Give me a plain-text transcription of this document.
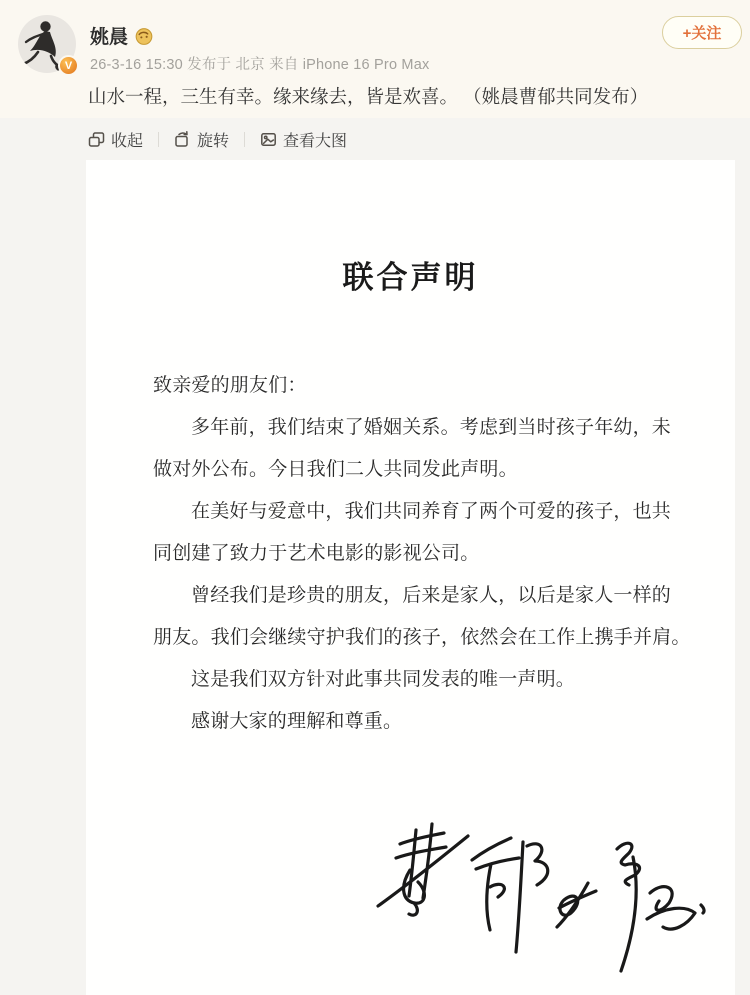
V
姚晨
26-3-16 15:30 发布于 北京 来自 iPhone 16 Pro Max
+关注
山水一程，三生有幸。缘来缘去，皆是欢喜。 （姚晨曹郁共同发布）
收起	旋转	查看大图
联合声明
致亲爱的朋友们：
多年前，我们结束了婚姻关系。考虑到当时孩子年幼，未
做对外公布。今日我们二人共同发此声明。
在美好与爱意中，我们共同养育了两个可爱的孩子，也共
同创建了致力于艺术电影的影视公司。
曾经我们是珍贵的朋友，后来是家人，以后是家人一样的
朋友。我们会继续守护我们的孩子，依然会在工作上携手并肩。
这是我们双方针对此事共同发表的唯一声明。
感谢大家的理解和尊重。
